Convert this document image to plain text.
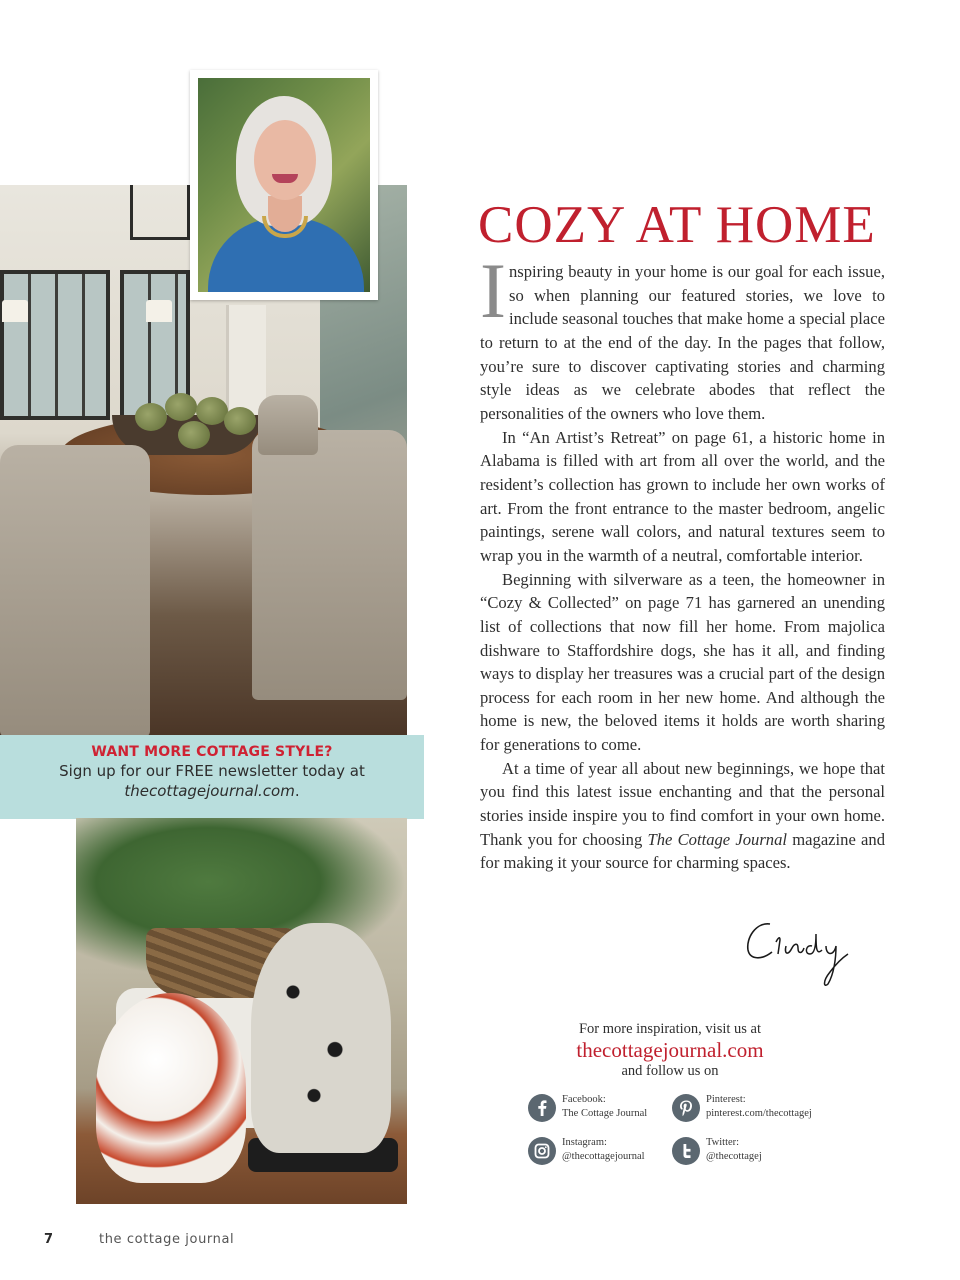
WANT MORE COTTAGE STYLE?
Sign up for our FREE newsletter today at
thecottagejournal.com.
COZY AT HOME

Inspiring beauty in your home is our goal for each issue, so when planning our featured stories, we love to include seasonal touches that make home a special place to return to at the end of the day. In the pages that follow, you’re sure to discover captivating stories and charming style ideas as we celebrate abodes that reflect the personalities of the owners who love them.

In “An Artist’s Retreat” on page 61, a historic home in Alabama is filled with art from all over the world, and the resident’s collection has grown to include her own works of art. From the front entrance to the master bedroom, angelic paintings, serene wall colors, and natural textures seem to wrap you in the warmth of a neutral, comfortable interior.

Beginning with silverware as a teen, the homeowner in “Cozy & Collected” on page 71 has garnered an unending list of collections that now fill her home. From majolica dishware to Staffordshire dogs, she has it all, and finding ways to display her treasures was a crucial part of the design process for each room in her new home. And although the home is new, the beloved items it holds are worth sharing for generations to come.

At a time of year all about new beginnings, we hope that you find this latest issue enchanting and that the personal stories inside inspire you to find comfort in your own home. Thank you for choosing The Cottage Journal magazine and for making it your source for charming spaces.

For more inspiration, visit us at
thecottagejournal.com
and follow us on
Facebook:
The Cottage Journal
Pinterest:
pinterest.com/thecottagej
Instagram:
@thecottagejournal
Twitter:
@thecottagej
7	the cottage journal
